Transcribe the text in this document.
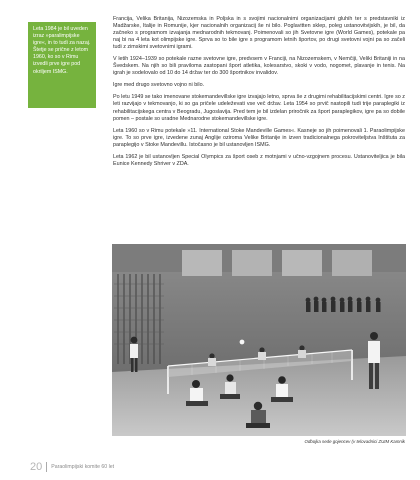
Leta 1984 je bil uveden izraz »paralimpijske igre«, in to tudi za nazaj. Štetje se prične z letom 1960, ko so v Rimu izvedli prve igre pod okriljem ISMG.

Francija, Velika Britanija, Nizozemska in Poljska in s svojimi nacionalnimi organizacijami gluhih ter s predstavniki iz Madžarske, Italije in Romunije, kjer nacionalnih organizacij še ni bilo. Poglavitten sklep, poleg ustanovitvijskih, je bil, da začneko s programom izvajanja mednarodnih tekmovanj. Poimenovali so jih Svetovne igre (World Games), potekale pa naj bi na 4 leta kot olimpijske igre. Sprva so to bile igre s programom letnih športov, po drugi svetovni vojni pa so začeli tudi z zimskimi svetovnimi igrami.

V letih 1924–1939 so potekale razne svetovne igre, predvsem v Franciji, na Nizozemskem, v Nemčiji, Veliki Britaniji in na Švedskem. Na njih so bili praviloma zastopani šport atletika, kolesarstvo, skoki v vodo, nogomet, plavanje in tenis. Na igrah je sodelovalo od 10 do 14 držav ter do 300 športnikov invalidov.

Igre med drugo svetovno vojno ni bilo.

Po letu 1949 se tako imenovane stokemandevillske igre izvajajo letno, sprva še z drugimi rehabilitacijskimi centri. Igre so z leti razvijajo v tekmovanjo, ki so ga pričele udeleževati vse več držav. Leta 1954 so prvič nastopili tudi trije paraplegiki iz rehabilitacijskega centra v Beogradu, Jugoslavija. Pred tem je bil izdelan priročnik za šport paraplegikov, igre pa so dobile pomen – postale so uradne Mednarodne stokemandevillske igre.

Leta 1960 so v Rimu potekale »11. International Stoke Mandeville Games«. Kasneje so jih poimenovali 1. Paraolimpijske igre. To so prve igre, izvedene zunaj Anglije oziroma Velike Britanije in izven tradicionalnega pokroviteljstva Inštituta za paraplegijo v Stoke Mandevillu. Istočasno je bil ustanovljen ISMG.

Leta 1962 je bil ustanovljen Special Olympics za šport oseb z motnjami v učno-vzgojnem procesu. Ustanoviteljica je bila Eunice Kennedy Shriver v ZDA.

Odbojka sede gojencev (v telovadnici ZUIM Kamnik
20 Paraolimpijski komite 60 let
